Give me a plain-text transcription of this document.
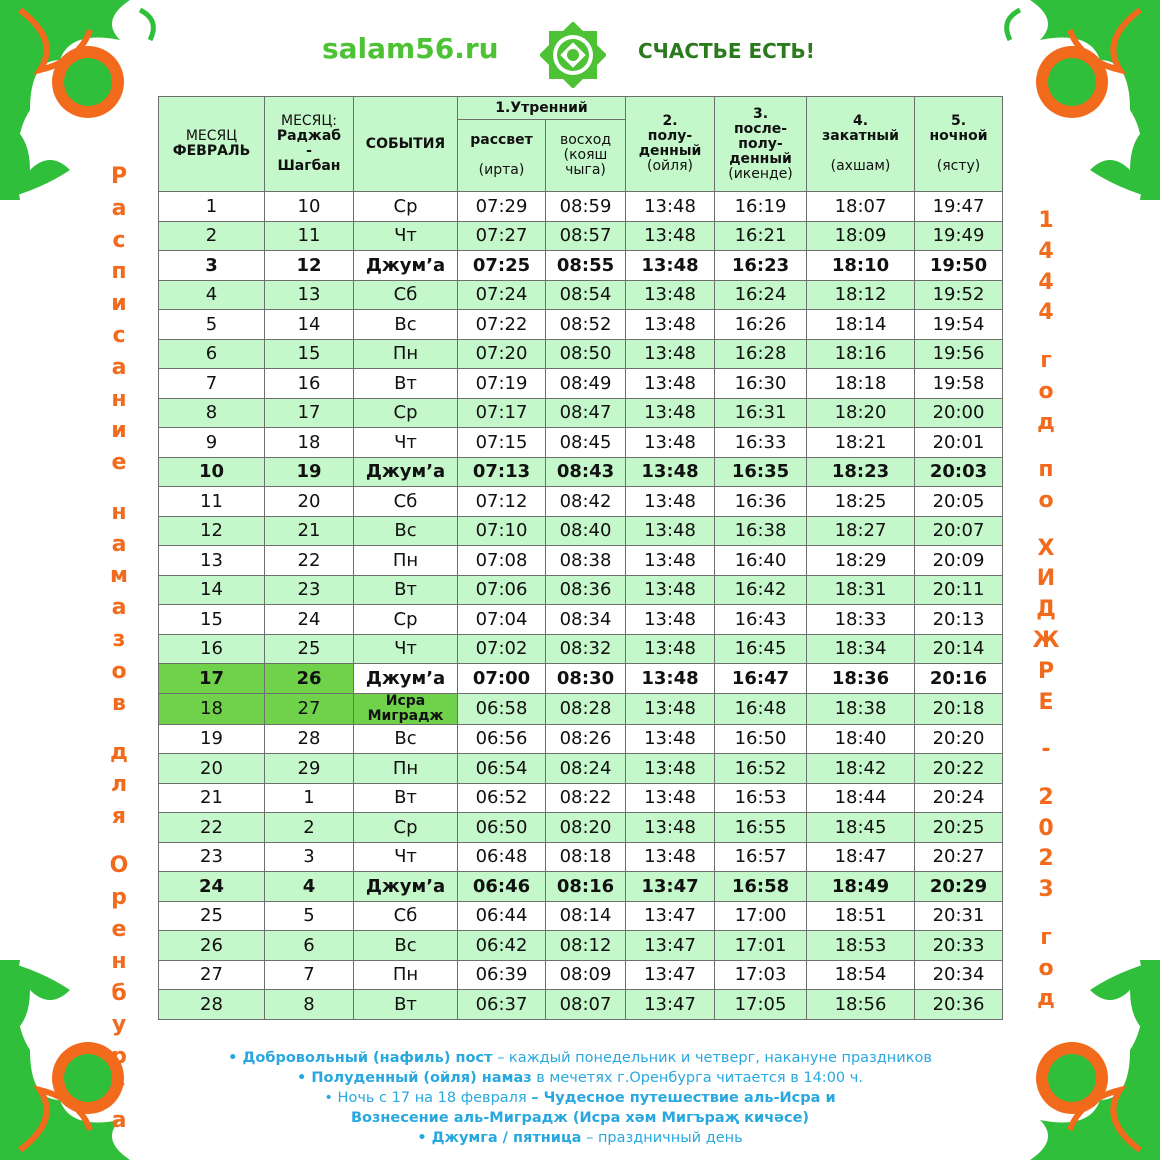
salam56.ru	СЧАСТЬЕ ЕСТЬ!
Р
а
с
п
и
с
а
н
и
е
н
а
м
а
з
о
в
д
л
я
О
р
е
н
б
у
р
г
а
1
4
4
4
г
о
д
п
о
Х
И
Д
Ж
Р
Е
-
2
0
2
3
г
о
д
МЕСЯЦ
ФЕВРАЛЬ	МЕСЯЦ:
Раджаб
-
Шагбан	СОБЫТИЯ	1.Утренний		2.
полу-
денный
(ойля)	3.
после-
полу-
денный
(икенде)	4.
закатный

(ахшам)	5.
ночной

(ясту)
			рассвет

(ирта)	восход
(кояш
чыга)				
1	10	Ср	07:29	08:59	13:48	16:19	18:07	19:47
2	11	Чт	07:27	08:57	13:48	16:21	18:09	19:49
3	12	Джум’а	07:25	08:55	13:48	16:23	18:10	19:50
4	13	Сб	07:24	08:54	13:48	16:24	18:12	19:52
5	14	Вс	07:22	08:52	13:48	16:26	18:14	19:54
6	15	Пн	07:20	08:50	13:48	16:28	18:16	19:56
7	16	Вт	07:19	08:49	13:48	16:30	18:18	19:58
8	17	Ср	07:17	08:47	13:48	16:31	18:20	20:00
9	18	Чт	07:15	08:45	13:48	16:33	18:21	20:01
10	19	Джум’а	07:13	08:43	13:48	16:35	18:23	20:03
11	20	Сб	07:12	08:42	13:48	16:36	18:25	20:05
12	21	Вс	07:10	08:40	13:48	16:38	18:27	20:07
13	22	Пн	07:08	08:38	13:48	16:40	18:29	20:09
14	23	Вт	07:06	08:36	13:48	16:42	18:31	20:11
15	24	Ср	07:04	08:34	13:48	16:43	18:33	20:13
16	25	Чт	07:02	08:32	13:48	16:45	18:34	20:14
17	26	Джум’а	07:00	08:30	13:48	16:47	18:36	20:16
18	27	Исра
Миградж	06:58	08:28	13:48	16:48	18:38	20:18
19	28	Вс	06:56	08:26	13:48	16:50	18:40	20:20
20	29	Пн	06:54	08:24	13:48	16:52	18:42	20:22
21	1	Вт	06:52	08:22	13:48	16:53	18:44	20:24
22	2	Ср	06:50	08:20	13:48	16:55	18:45	20:25
23	3	Чт	06:48	08:18	13:48	16:57	18:47	20:27
24	4	Джум’а	06:46	08:16	13:47	16:58	18:49	20:29
25	5	Сб	06:44	08:14	13:47	17:00	18:51	20:31
26	6	Вс	06:42	08:12	13:47	17:01	18:53	20:33
27	7	Пн	06:39	08:09	13:47	17:03	18:54	20:34
28	8	Вт	06:37	08:07	13:47	17:05	18:56	20:36
• Добровольный (нафиль) пост – каждый понедельник и четверг, накануне праздников
• Полуденный (ойля) намаз в мечетях г.Оренбурга читается в 14:00 ч.
• Ночь с 17 на 18 февраля – Чудесное путешествие аль-Исра и
Вознесение аль-Миградж (Исра хәм Мигъраҗ кичәсе)
• Джумга / пятница – праздничный день
